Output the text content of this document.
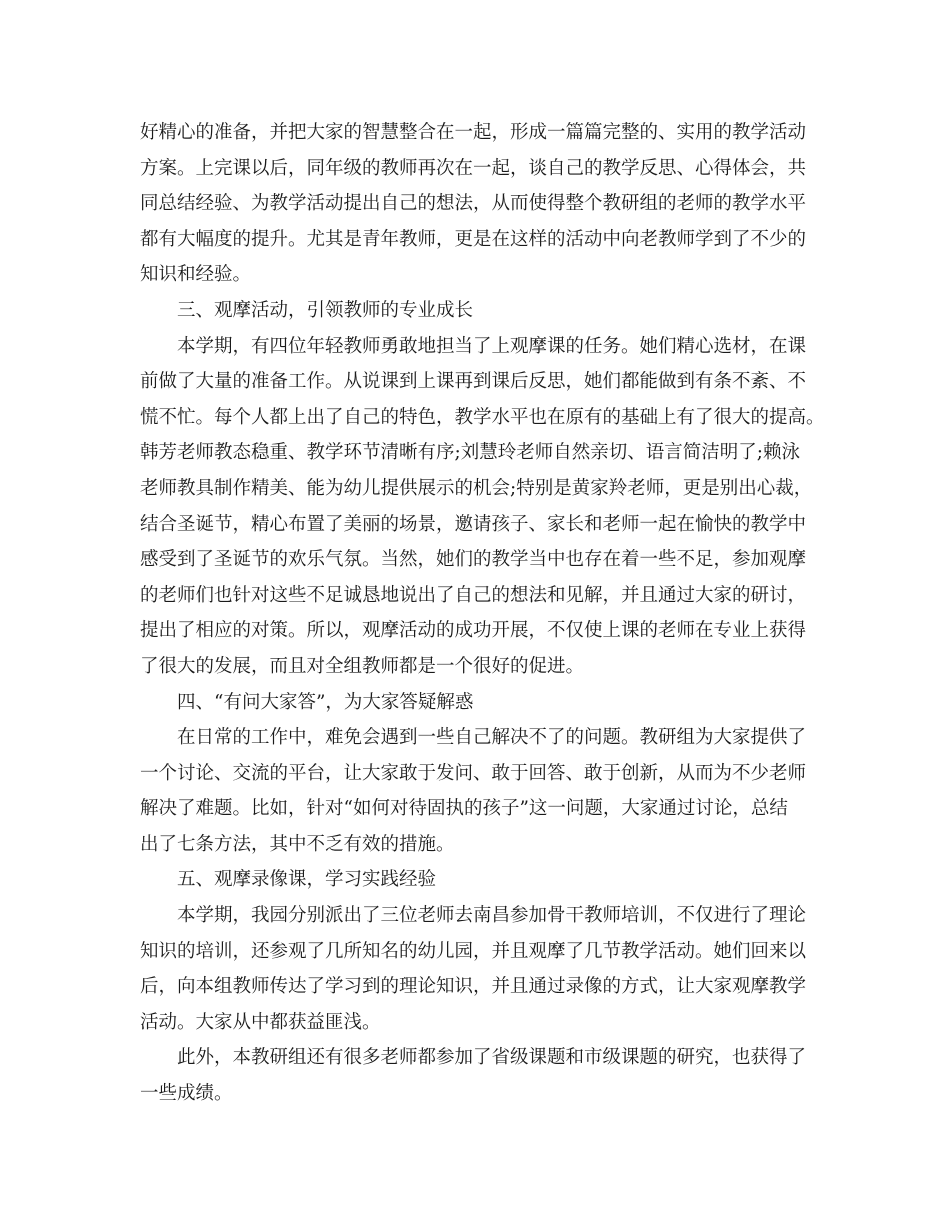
好精心的准备，并把大家的智慧整合在一起，形成一篇篇完整的、实用的教学活动
方案。上完课以后，同年级的教师再次在一起，谈自己的教学反思、心得体会，共
同总结经验、为教学活动提出自己的想法，从而使得整个教研组的老师的教学水平
都有大幅度的提升。尤其是青年教师，更是在这样的活动中向老教师学到了不少的
知识和经验。
三、观摩活动，引领教师的专业成长
本学期，有四位年轻教师勇敢地担当了上观摩课的任务。她们精心选材，在课
前做了大量的准备工作。从说课到上课再到课后反思，她们都能做到有条不紊、不
慌不忙。每个人都上出了自己的特色，教学水平也在原有的基础上有了很大的提高。
韩芳老师教态稳重、教学环节清晰有序;刘慧玲老师自然亲切、语言简洁明了;赖泳
老师教具制作精美、能为幼儿提供展示的机会;特别是黄家羚老师，更是别出心裁，
结合圣诞节，精心布置了美丽的场景，邀请孩子、家长和老师一起在愉快的教学中
感受到了圣诞节的欢乐气氛。当然，她们的教学当中也存在着一些不足，参加观摩
的老师们也针对这些不足诚恳地说出了自己的想法和见解，并且通过大家的研讨，
提出了相应的对策。所以，观摩活动的成功开展，不仅使上课的老师在专业上获得
了很大的发展，而且对全组教师都是一个很好的促进。
四、“有问大家答”，为大家答疑解惑
在日常的工作中，难免会遇到一些自己解决不了的问题。教研组为大家提供了
一个讨论、交流的平台，让大家敢于发问、敢于回答、敢于创新，从而为不少老师
解决了难题。比如，针对“如何对待固执的孩子”这一问题，大家通过讨论，总结
出了七条方法，其中不乏有效的措施。
五、观摩录像课，学习实践经验
本学期，我园分别派出了三位老师去南昌参加骨干教师培训，不仅进行了理论
知识的培训，还参观了几所知名的幼儿园，并且观摩了几节教学活动。她们回来以
后，向本组教师传达了学习到的理论知识，并且通过录像的方式，让大家观摩教学
活动。大家从中都获益匪浅。
此外，本教研组还有很多老师都参加了省级课题和市级课题的研究，也获得了
一些成绩。
